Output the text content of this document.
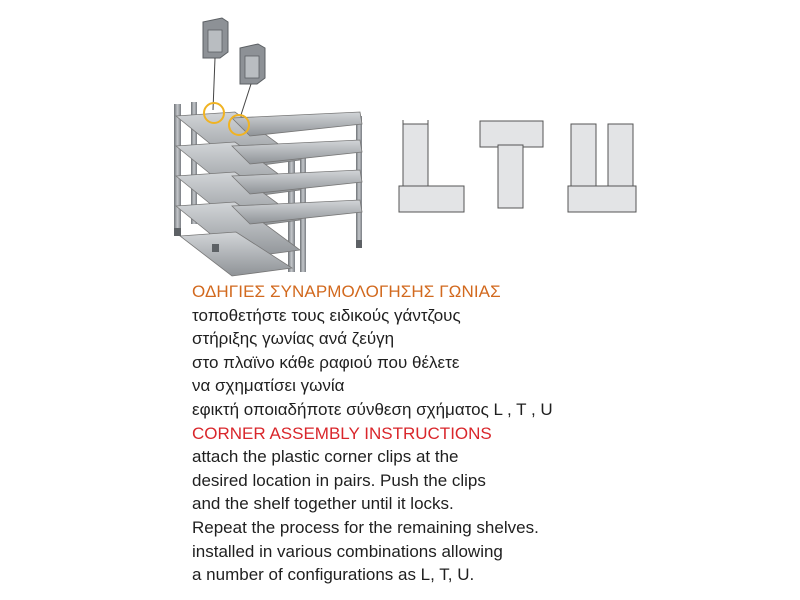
ΟΔΗΓΙΕΣ ΣΥΝΑΡΜΟΛΟΓΗΣΗΣ ΓΩΝΙΑΣ
τοποθετήστε τους ειδικούς γάντζους
στήριξης γωνίας ανά ζεύγη
στο πλαϊνο κάθε ραφιού που θέλετε
να σχηματίσει γωνία
εφικτή οποιαδήποτε σύνθεση σχήματος L , T , U
CORNER ASSEMBLY INSTRUCTIONS
attach the plastic corner clips at the
desired location in pairs. Push the clips
and the shelf together until it locks.
Repeat the process for the remaining shelves.
installed in various combinations allowing
a number of configurations as L, T, U.
